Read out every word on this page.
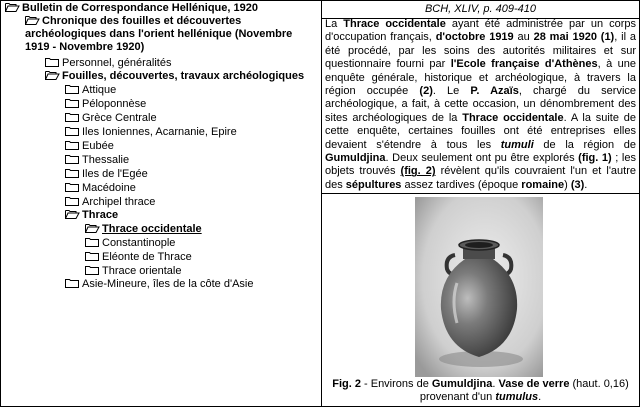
Bulletin de Correspondance Hellénique, 1920
Chronique des fouilles et découvertes
archéologiques dans l'orient hellénique (Novembre
1919 - Novembre 1920)
Personnel, généralités
Fouilles, découvertes, travaux archéologiques
Attique
Péloponnèse
Grèce Centrale
Iles Ioniennes, Acarnanie, Epire
Eubée
Thessalie
Iles de l'Egée
Macédoine
Archipel thrace
Thrace
Thrace occidentale
Constantinople
Eléonte de Thrace
Thrace orientale
Asie-Mineure, îles de la côte d'Asie
BCH, XLIV, p. 409-410
La Thrace occidentale ayant été administrée par un corps d'occupation français, d'octobre 1919 au 28 mai 1920 (1), il a été procédé, par les soins des autorités militaires et sur questionnaire fourni par l'Ecole française d'Athènes, à une enquête générale, historique et archéologique, à travers la région occupée (2). Le P. Azaïs, chargé du service archéologique, a fait, à cette occasion, un dénombrement des sites archéologiques de la Thrace occidentale. A la suite de cette enquête, certaines fouilles ont été entreprises elles devaient s'étendre à tous les tumuli de la région de Gumuldjina. Deux seulement ont pu être explorés (fig. 1) ; les objets trouvés (fig. 2) révèlent qu'ils couvraient l'un et l'autre des sépultures assez tardives (époque romaine) (3).
Fig. 2 - Environs de Gumuldjina. Vase de verre (haut. 0,16) provenant d'un tumulus.
